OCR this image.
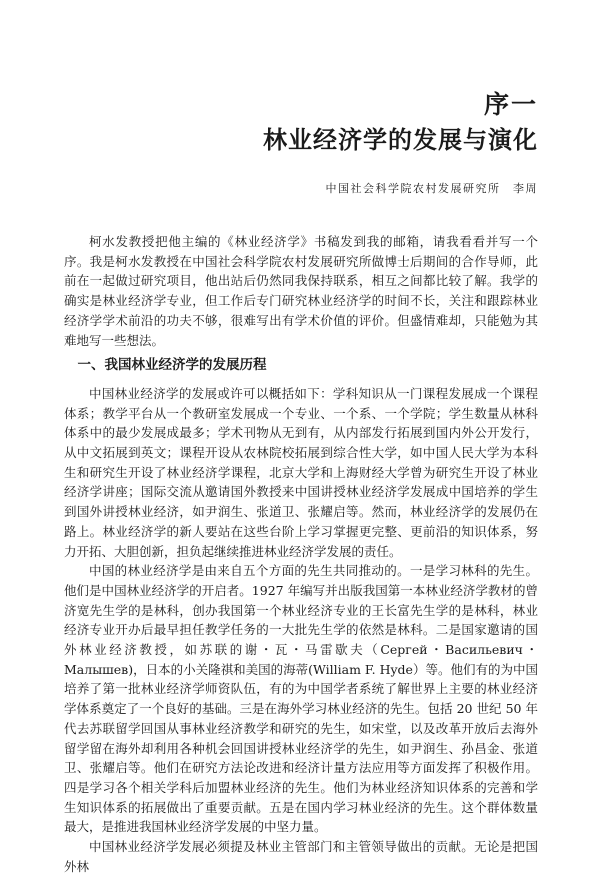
序一
林业经济学的发展与演化
中国社会科学院农村发展研究所　李周

柯水发教授把他主编的《林业经济学》书稿发到我的邮箱，请我看看并写一个序。我是柯水发教授在中国社会科学院农村发展研究所做博士后期间的合作导师，此前在一起做过研究项目，他出站后仍然同我保持联系，相互之间都比较了解。我学的确实是林业经济学专业，但工作后专门研究林业经济学的时间不长，关注和跟踪林业经济学学术前沿的功夫不够，很难写出有学术价值的评价。但盛情难却，只能勉为其难地写一些想法。

一、我国林业经济学的发展历程

中国林业经济学的发展或许可以概括如下：学科知识从一门课程发展成一个课程体系；教学平台从一个教研室发展成一个专业、一个系、一个学院；学生数量从林科体系中的最少发展成最多；学术刊物从无到有，从内部发行拓展到国内外公开发行，从中文拓展到英文；课程开设从农林院校拓展到综合性大学，如中国人民大学为本科生和研究生开设了林业经济学课程，北京大学和上海财经大学曾为研究生开设了林业经济学讲座；国际交流从邀请国外教授来中国讲授林业经济学发展成中国培养的学生到国外讲授林业经济，如尹润生、张道卫、张耀启等。然而，林业经济学的发展仍在路上。林业经济学的新人要站在这些台阶上学习掌握更完整、更前沿的知识体系，努力开拓、大胆创新，担负起继续推进林业经济学发展的责任。

中国的林业经济学是由来自五个方面的先生共同推动的。一是学习林科的先生。他们是中国林业经济学的开启者。1927 年编写并出版我国第一本林业经济学教材的曾济宽先生学的是林科，创办我国第一个林业经济专业的王长富先生学的是林科，林业经济专业开办后最早担任教学任务的一大批先生学的依然是林科。二是国家邀请的国外林业经济教授，如苏联的谢・瓦・马雷歇夫（Сергей・Васильевич・Малышев)，日本的小关隆祺和美国的海蒂(William F. Hyde）等。他们有的为中国培养了第一批林业经济学师资队伍，有的为中国学者系统了解世界上主要的林业经济学体系奠定了一个良好的基础。三是在海外学习林业经济的先生。包括 20 世纪 50 年代去苏联留学回国从事林业经济教学和研究的先生，如宋堂，以及改革开放后去海外留学留在海外却利用各种机会回国讲授林业经济学的先生，如尹润生、孙昌金、张道卫、张耀启等。他们在研究方法论改进和经济计量方法应用等方面发挥了积极作用。四是学习各个相关学科后加盟林业经济的先生。他们为林业经济知识体系的完善和学生知识体系的拓展做出了重要贡献。五是在国内学习林业经济的先生。这个群体数量最大，是推进我国林业经济学发展的中坚力量。

中国林业经济学发展必须提及林业主管部门和主管领导做出的贡献。无论是把国外林
